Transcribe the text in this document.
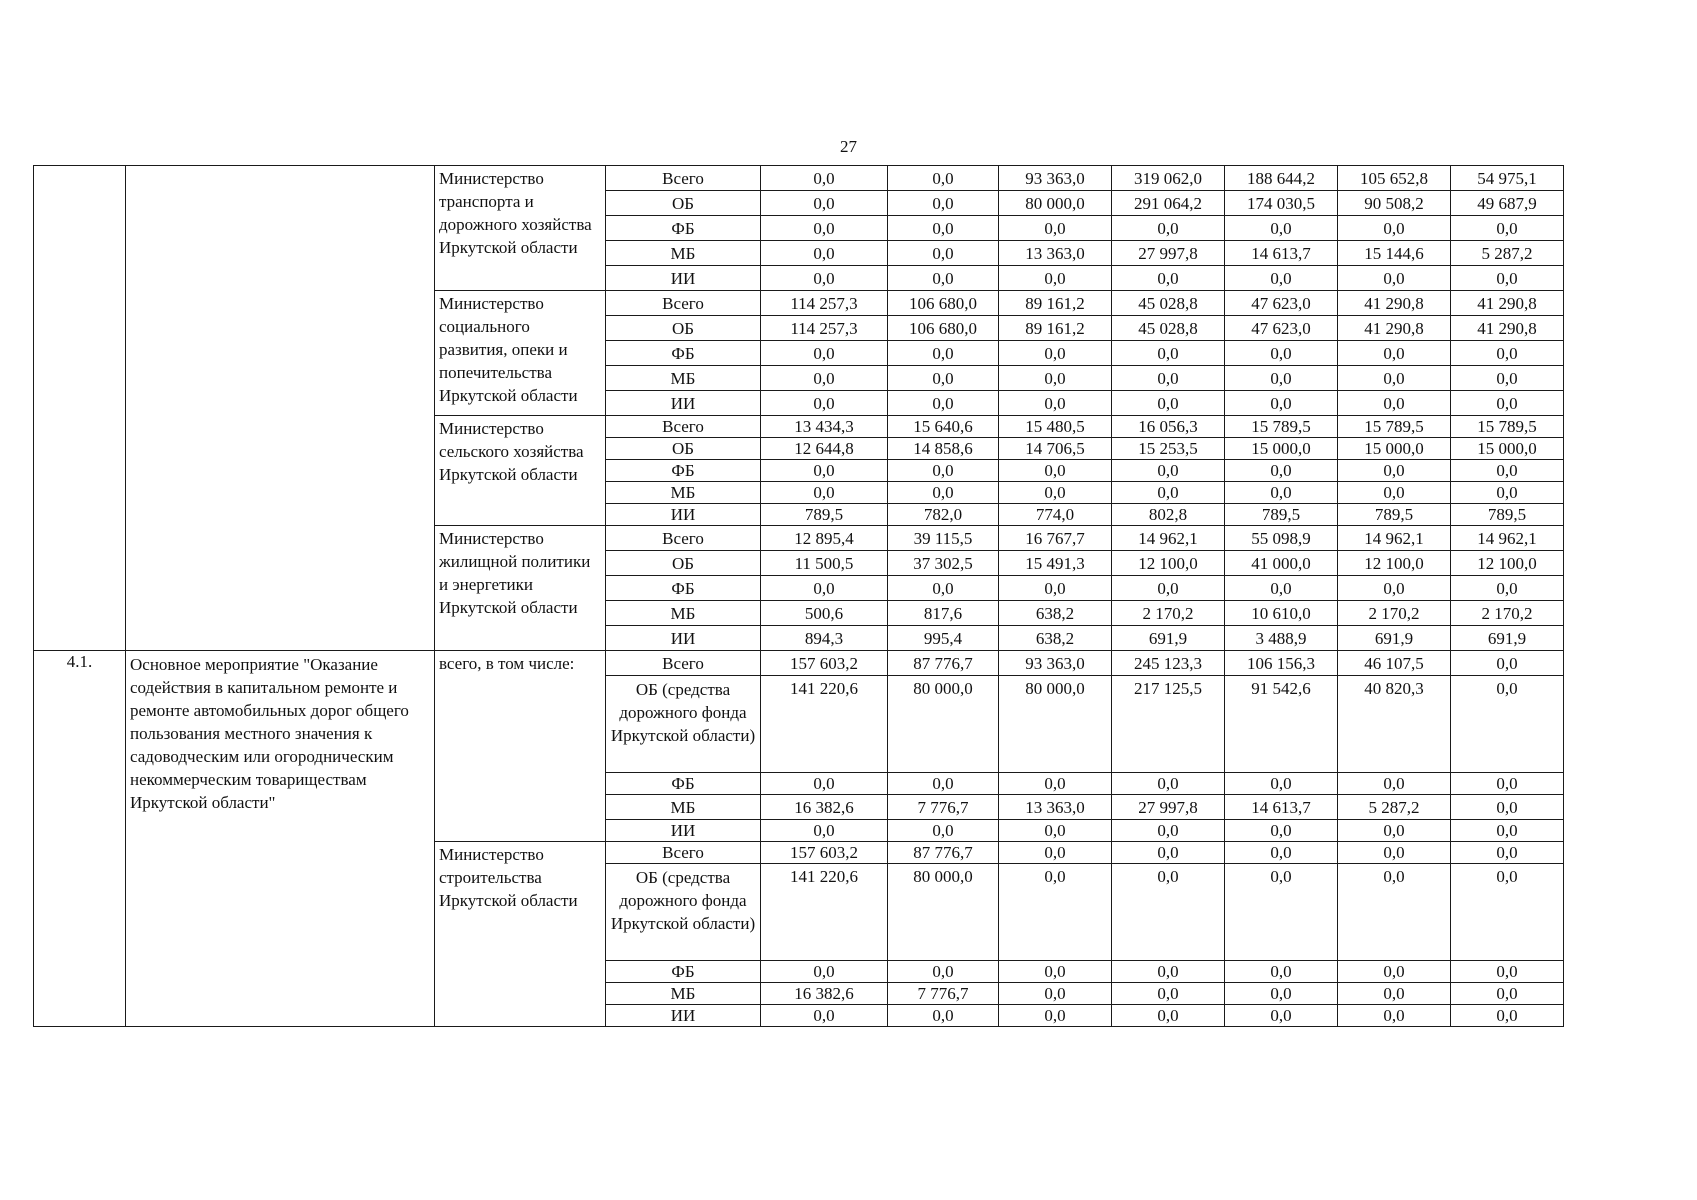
27
		Министерство транспорта и дорожного хозяйства Иркутской области	Всего	0,0	0,0	93 363,0	319 062,0	188 644,2	105 652,8	54 975,1
			ОБ	0,0	0,0	80 000,0	291 064,2	174 030,5	90 508,2	49 687,9
			ФБ	0,0	0,0	0,0	0,0	0,0	0,0	0,0
			МБ	0,0	0,0	13 363,0	27 997,8	14 613,7	15 144,6	5 287,2
			ИИ	0,0	0,0	0,0	0,0	0,0	0,0	0,0
		Министерство социального развития, опеки и попечительства Иркутской области	Всего	114 257,3	106 680,0	89 161,2	45 028,8	47 623,0	41 290,8	41 290,8
			ОБ	114 257,3	106 680,0	89 161,2	45 028,8	47 623,0	41 290,8	41 290,8
			ФБ	0,0	0,0	0,0	0,0	0,0	0,0	0,0
			МБ	0,0	0,0	0,0	0,0	0,0	0,0	0,0
			ИИ	0,0	0,0	0,0	0,0	0,0	0,0	0,0
		Министерство сельского хозяйства Иркутской области	Всего	13 434,3	15 640,6	15 480,5	16 056,3	15 789,5	15 789,5	15 789,5
			ОБ	12 644,8	14 858,6	14 706,5	15 253,5	15 000,0	15 000,0	15 000,0
			ФБ	0,0	0,0	0,0	0,0	0,0	0,0	0,0
			МБ	0,0	0,0	0,0	0,0	0,0	0,0	0,0
			ИИ	789,5	782,0	774,0	802,8	789,5	789,5	789,5
		Министерство жилищной политики и энергетики Иркутской области	Всего	12 895,4	39 115,5	16 767,7	14 962,1	55 098,9	14 962,1	14 962,1
			ОБ	11 500,5	37 302,5	15 491,3	12 100,0	41 000,0	12 100,0	12 100,0
			ФБ	0,0	0,0	0,0	0,0	0,0	0,0	0,0
			МБ	500,6	817,6	638,2	2 170,2	10 610,0	2 170,2	2 170,2
			ИИ	894,3	995,4	638,2	691,9	3 488,9	691,9	691,9
4.1.	Основное мероприятие "Оказание содействия в капитальном ремонте и ремонте автомобильных дорог общего пользования местного значения к садоводческим или огородническим некоммерческим товариществам Иркутской области"	всего, в том числе:	Всего	157 603,2	87 776,7	93 363,0	245 123,3	106 156,3	46 107,5	0,0
			ОБ (средства дорожного фонда Иркутской области)	141 220,6	80 000,0	80 000,0	217 125,5	91 542,6	40 820,3	0,0
			ФБ	0,0	0,0	0,0	0,0	0,0	0,0	0,0
			МБ	16 382,6	7 776,7	13 363,0	27 997,8	14 613,7	5 287,2	0,0
			ИИ	0,0	0,0	0,0	0,0	0,0	0,0	0,0
		Министерство строительства Иркутской области	Всего	157 603,2	87 776,7	0,0	0,0	0,0	0,0	0,0
			ОБ (средства дорожного фонда Иркутской области)	141 220,6	80 000,0	0,0	0,0	0,0	0,0	0,0
			ФБ	0,0	0,0	0,0	0,0	0,0	0,0	0,0
			МБ	16 382,6	7 776,7	0,0	0,0	0,0	0,0	0,0
			ИИ	0,0	0,0	0,0	0,0	0,0	0,0	0,0
